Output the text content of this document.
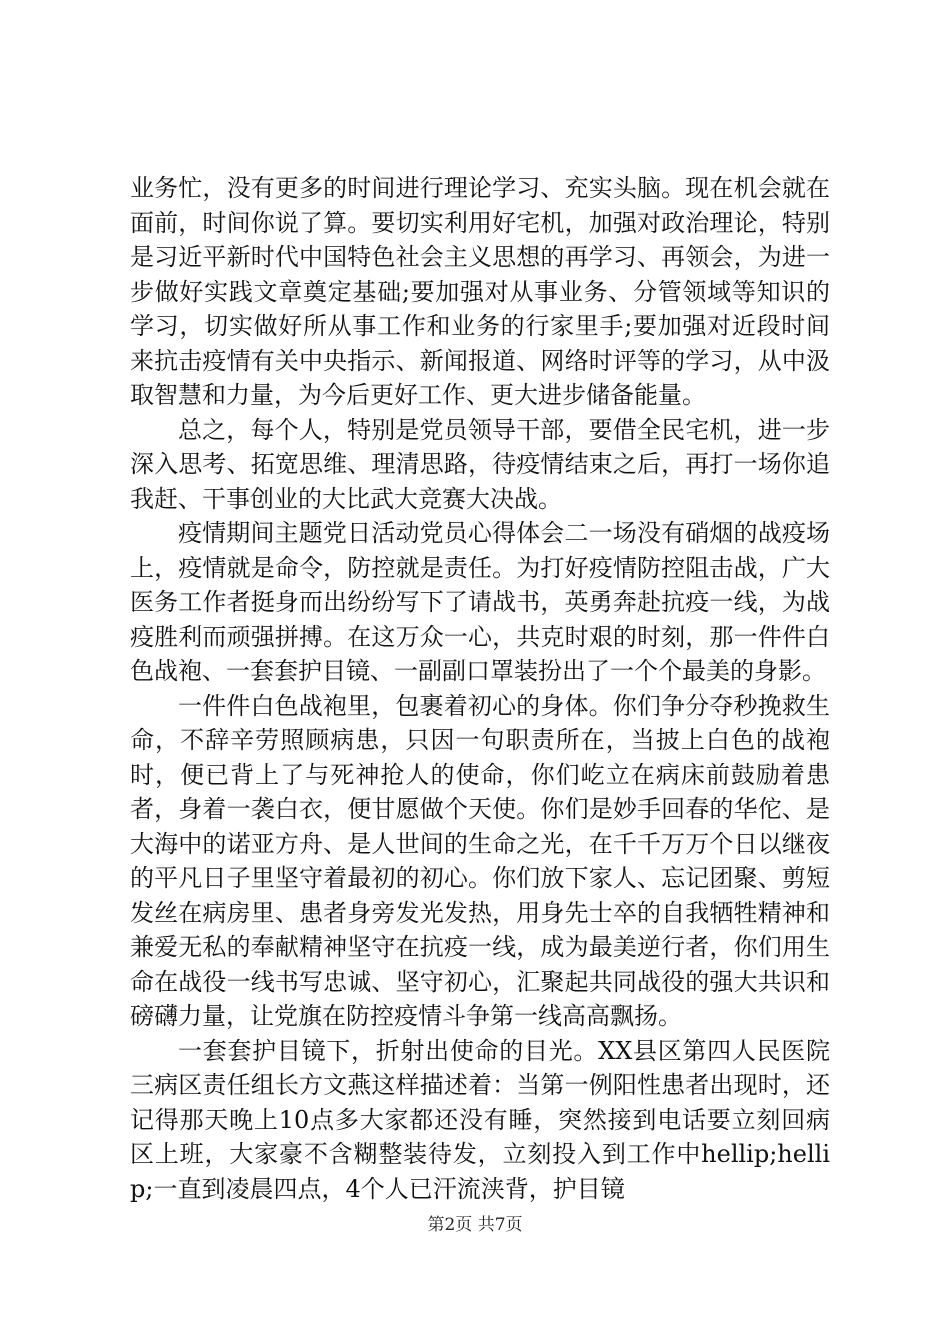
业务忙，没有更多的时间进行理论学习、充实头脑。现在机会就在面前，时间你说了算。要切实利用好宅机，加强对政治理论，特别是习近平新时代中国特色社会主义思想的再学习、再领会，为进一步做好实践文章奠定基础;要加强对从事业务、分管领域等知识的学习，切实做好所从事工作和业务的行家里手;要加强对近段时间来抗击疫情有关中央指示、新闻报道、网络时评等的学习，从中汲取智慧和力量，为今后更好工作、更大进步储备能量。

总之，每个人，特别是党员领导干部，要借全民宅机，进一步深入思考、拓宽思维、理清思路，待疫情结束之后，再打一场你追我赶、干事创业的大比武大竞赛大决战。

疫情期间主题党日活动党员心得体会二一场没有硝烟的战疫场上，疫情就是命令，防控就是责任。为打好疫情防控阻击战，广大医务工作者挺身而出纷纷写下了请战书，英勇奔赴抗疫一线，为战疫胜利而顽强拼搏。在这万众一心，共克时艰的时刻，那一件件白色战袍、一套套护目镜、一副副口罩装扮出了一个个最美的身影。

一件件白色战袍里，包裹着初心的身体。你们争分夺秒挽救生命，不辞辛劳照顾病患，只因一句职责所在，当披上白色的战袍时，便已背上了与死神抢人的使命，你们屹立在病床前鼓励着患者，身着一袭白衣，便甘愿做个天使。你们是妙手回春的华佗、是大海中的诺亚方舟、是人世间的生命之光，在千千万万个日以继夜的平凡日子里坚守着最初的初心。你们放下家人、忘记团聚、剪短发丝在病房里、患者身旁发光发热，用身先士卒的自我牺牲精神和兼爱无私的奉献精神坚守在抗疫一线，成为最美逆行者，你们用生命在战役一线书写忠诚、坚守初心，汇聚起共同战役的强大共识和磅礴力量，让党旗在防控疫情斗争第一线高高飘扬。

一套套护目镜下，折射出使命的目光。XX县区第四人民医院三病区责任组长方文燕这样描述着：当第一例阳性患者出现时，还记得那天晚上10点多大家都还没有睡，突然接到电话要立刻回病区上班，大家豪不含糊整装待发，立刻投入到工作中hellip;hellip;一直到凌晨四点，4个人已汗流浃背，护目镜

第2页 共7页
